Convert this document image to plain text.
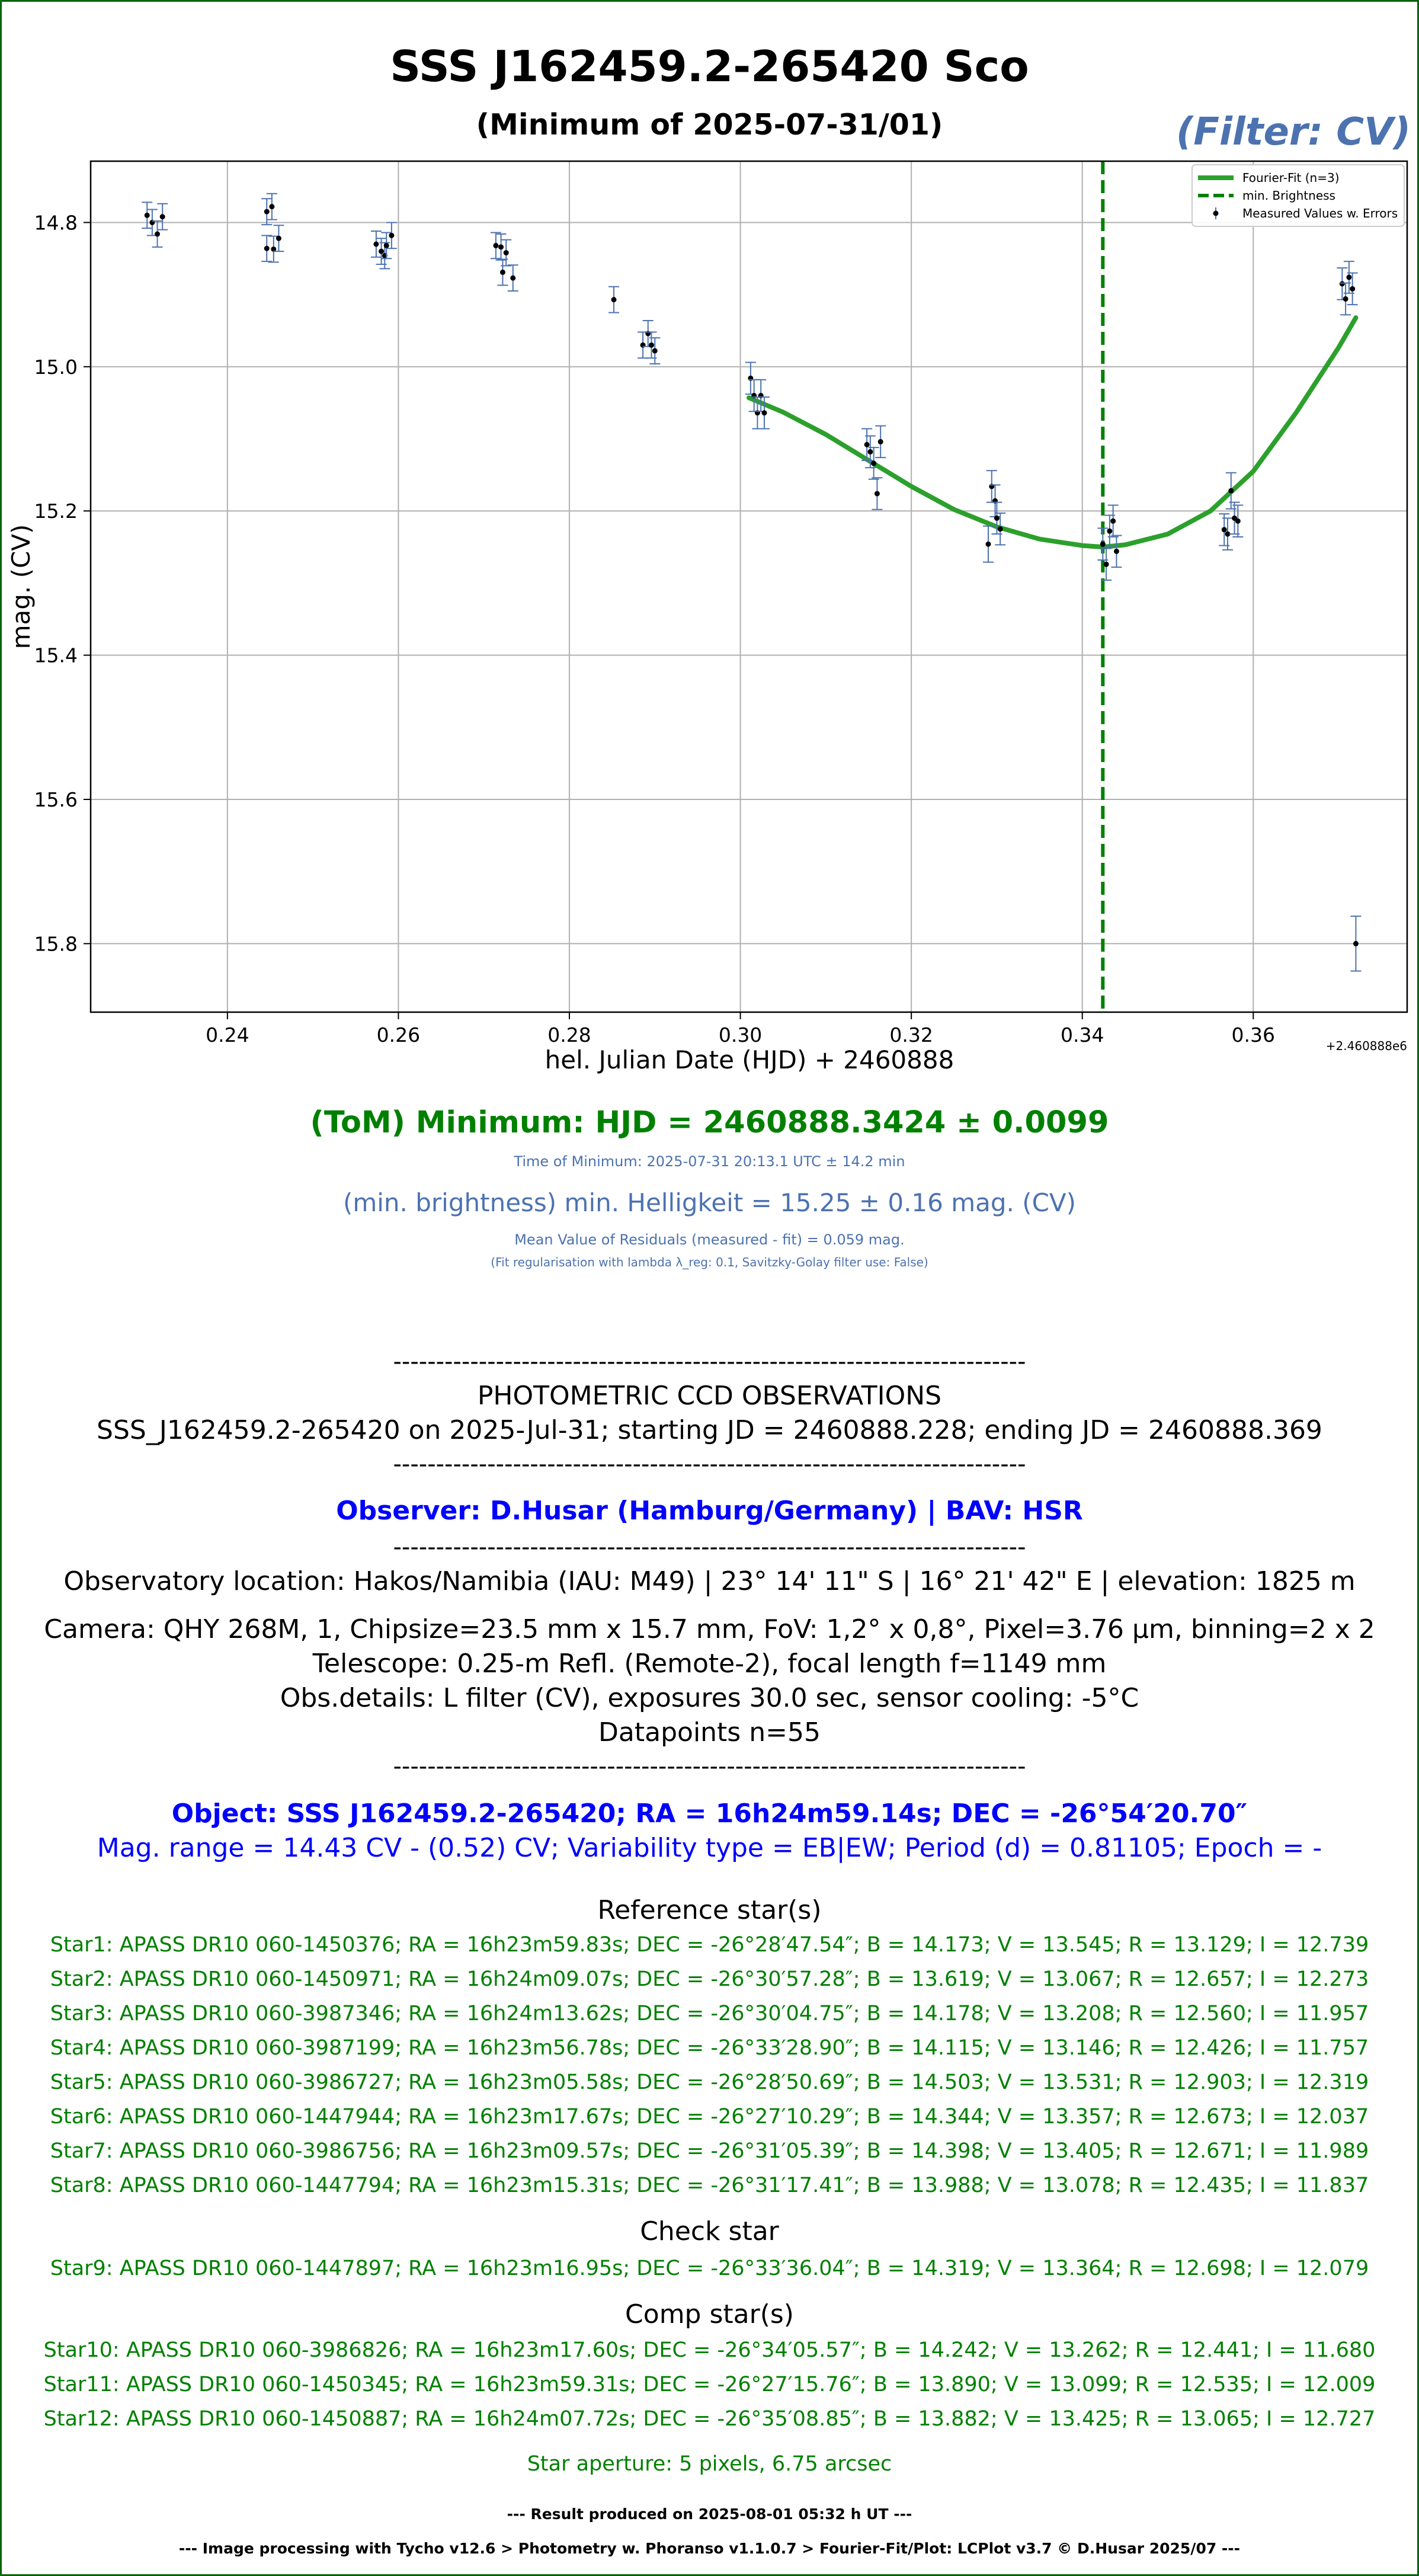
SSS J162459.2-265420 Sco
(Minimum of 2025-07-31/01)	(Filter: CV)
0.24	0.26	0.28	0.30	0.32	0.34	0.36
14.8
15.0
15.2
15.4
15.6
15.8
Fourier-Fit (n=3)
min. Brightness
Measured Values w. Errors
hel. Julian Date (HJD) + 2460888
mag. (CV)
+2.460888e6
(ToM) Minimum: HJD = 2460888.3424 ± 0.0099
Time of Minimum: 2025-07-31 20:13.1 UTC ± 14.2 min
(min. brightness) min. Helligkeit = 15.25 ± 0.16 mag. (CV)
Mean Value of Residuals (measured - fit) = 0.059 mag.
(Fit regularisation with lambda λ_reg: 0.1, Savitzky-Golay filter use: False)
--------------------------------------------------------------------------
PHOTOMETRIC CCD OBSERVATIONS
SSS_J162459.2-265420 on 2025-Jul-31; starting JD = 2460888.228; ending JD = 2460888.369
--------------------------------------------------------------------------
Observer: D.Husar (Hamburg/Germany) | BAV: HSR
--------------------------------------------------------------------------
Observatory location: Hakos/Namibia (IAU: M49) | 23° 14' 11" S | 16° 21' 42" E | elevation: 1825 m
Camera: QHY 268M, 1, Chipsize=23.5 mm x 15.7 mm, FoV: 1,2° x 0,8°, Pixel=3.76 µm, binning=2 x 2
Telescope: 0.25-m Refl. (Remote-2), focal length f=1149 mm
Obs.details: L filter (CV), exposures 30.0 sec, sensor cooling: -5°C
Datapoints n=55
--------------------------------------------------------------------------
Object: SSS J162459.2-265420; RA = 16h24m59.14s; DEC = -26°54′20.70″
Mag. range = 14.43 CV - (0.52) CV; Variability type = EB|EW; Period (d) = 0.81105; Epoch = -
Reference star(s)
Star1: APASS DR10 060-1450376; RA = 16h23m59.83s; DEC = -26°28′47.54″; B = 14.173; V = 13.545; R = 13.129; I = 12.739
Star2: APASS DR10 060-1450971; RA = 16h24m09.07s; DEC = -26°30′57.28″; B = 13.619; V = 13.067; R = 12.657; I = 12.273
Star3: APASS DR10 060-3987346; RA = 16h24m13.62s; DEC = -26°30′04.75″; B = 14.178; V = 13.208; R = 12.560; I = 11.957
Star4: APASS DR10 060-3987199; RA = 16h23m56.78s; DEC = -26°33′28.90″; B = 14.115; V = 13.146; R = 12.426; I = 11.757
Star5: APASS DR10 060-3986727; RA = 16h23m05.58s; DEC = -26°28′50.69″; B = 14.503; V = 13.531; R = 12.903; I = 12.319
Star6: APASS DR10 060-1447944; RA = 16h23m17.67s; DEC = -26°27′10.29″; B = 14.344; V = 13.357; R = 12.673; I = 12.037
Star7: APASS DR10 060-3986756; RA = 16h23m09.57s; DEC = -26°31′05.39″; B = 14.398; V = 13.405; R = 12.671; I = 11.989
Star8: APASS DR10 060-1447794; RA = 16h23m15.31s; DEC = -26°31′17.41″; B = 13.988; V = 13.078; R = 12.435; I = 11.837
Check star
Star9: APASS DR10 060-1447897; RA = 16h23m16.95s; DEC = -26°33′36.04″; B = 14.319; V = 13.364; R = 12.698; I = 12.079
Comp star(s)
Star10: APASS DR10 060-3986826; RA = 16h23m17.60s; DEC = -26°34′05.57″; B = 14.242; V = 13.262; R = 12.441; I = 11.680
Star11: APASS DR10 060-1450345; RA = 16h23m59.31s; DEC = -26°27′15.76″; B = 13.890; V = 13.099; R = 12.535; I = 12.009
Star12: APASS DR10 060-1450887; RA = 16h24m07.72s; DEC = -26°35′08.85″; B = 13.882; V = 13.425; R = 13.065; I = 12.727
Star aperture: 5 pixels, 6.75 arcsec
--- Result produced on 2025-08-01 05:32 h UT ---
--- Image processing with Tycho v12.6 > Photometry w. Phoranso v1.1.0.7 > Fourier-Fit/Plot: LCPlot v3.7 © D.Husar 2025/07 ---
